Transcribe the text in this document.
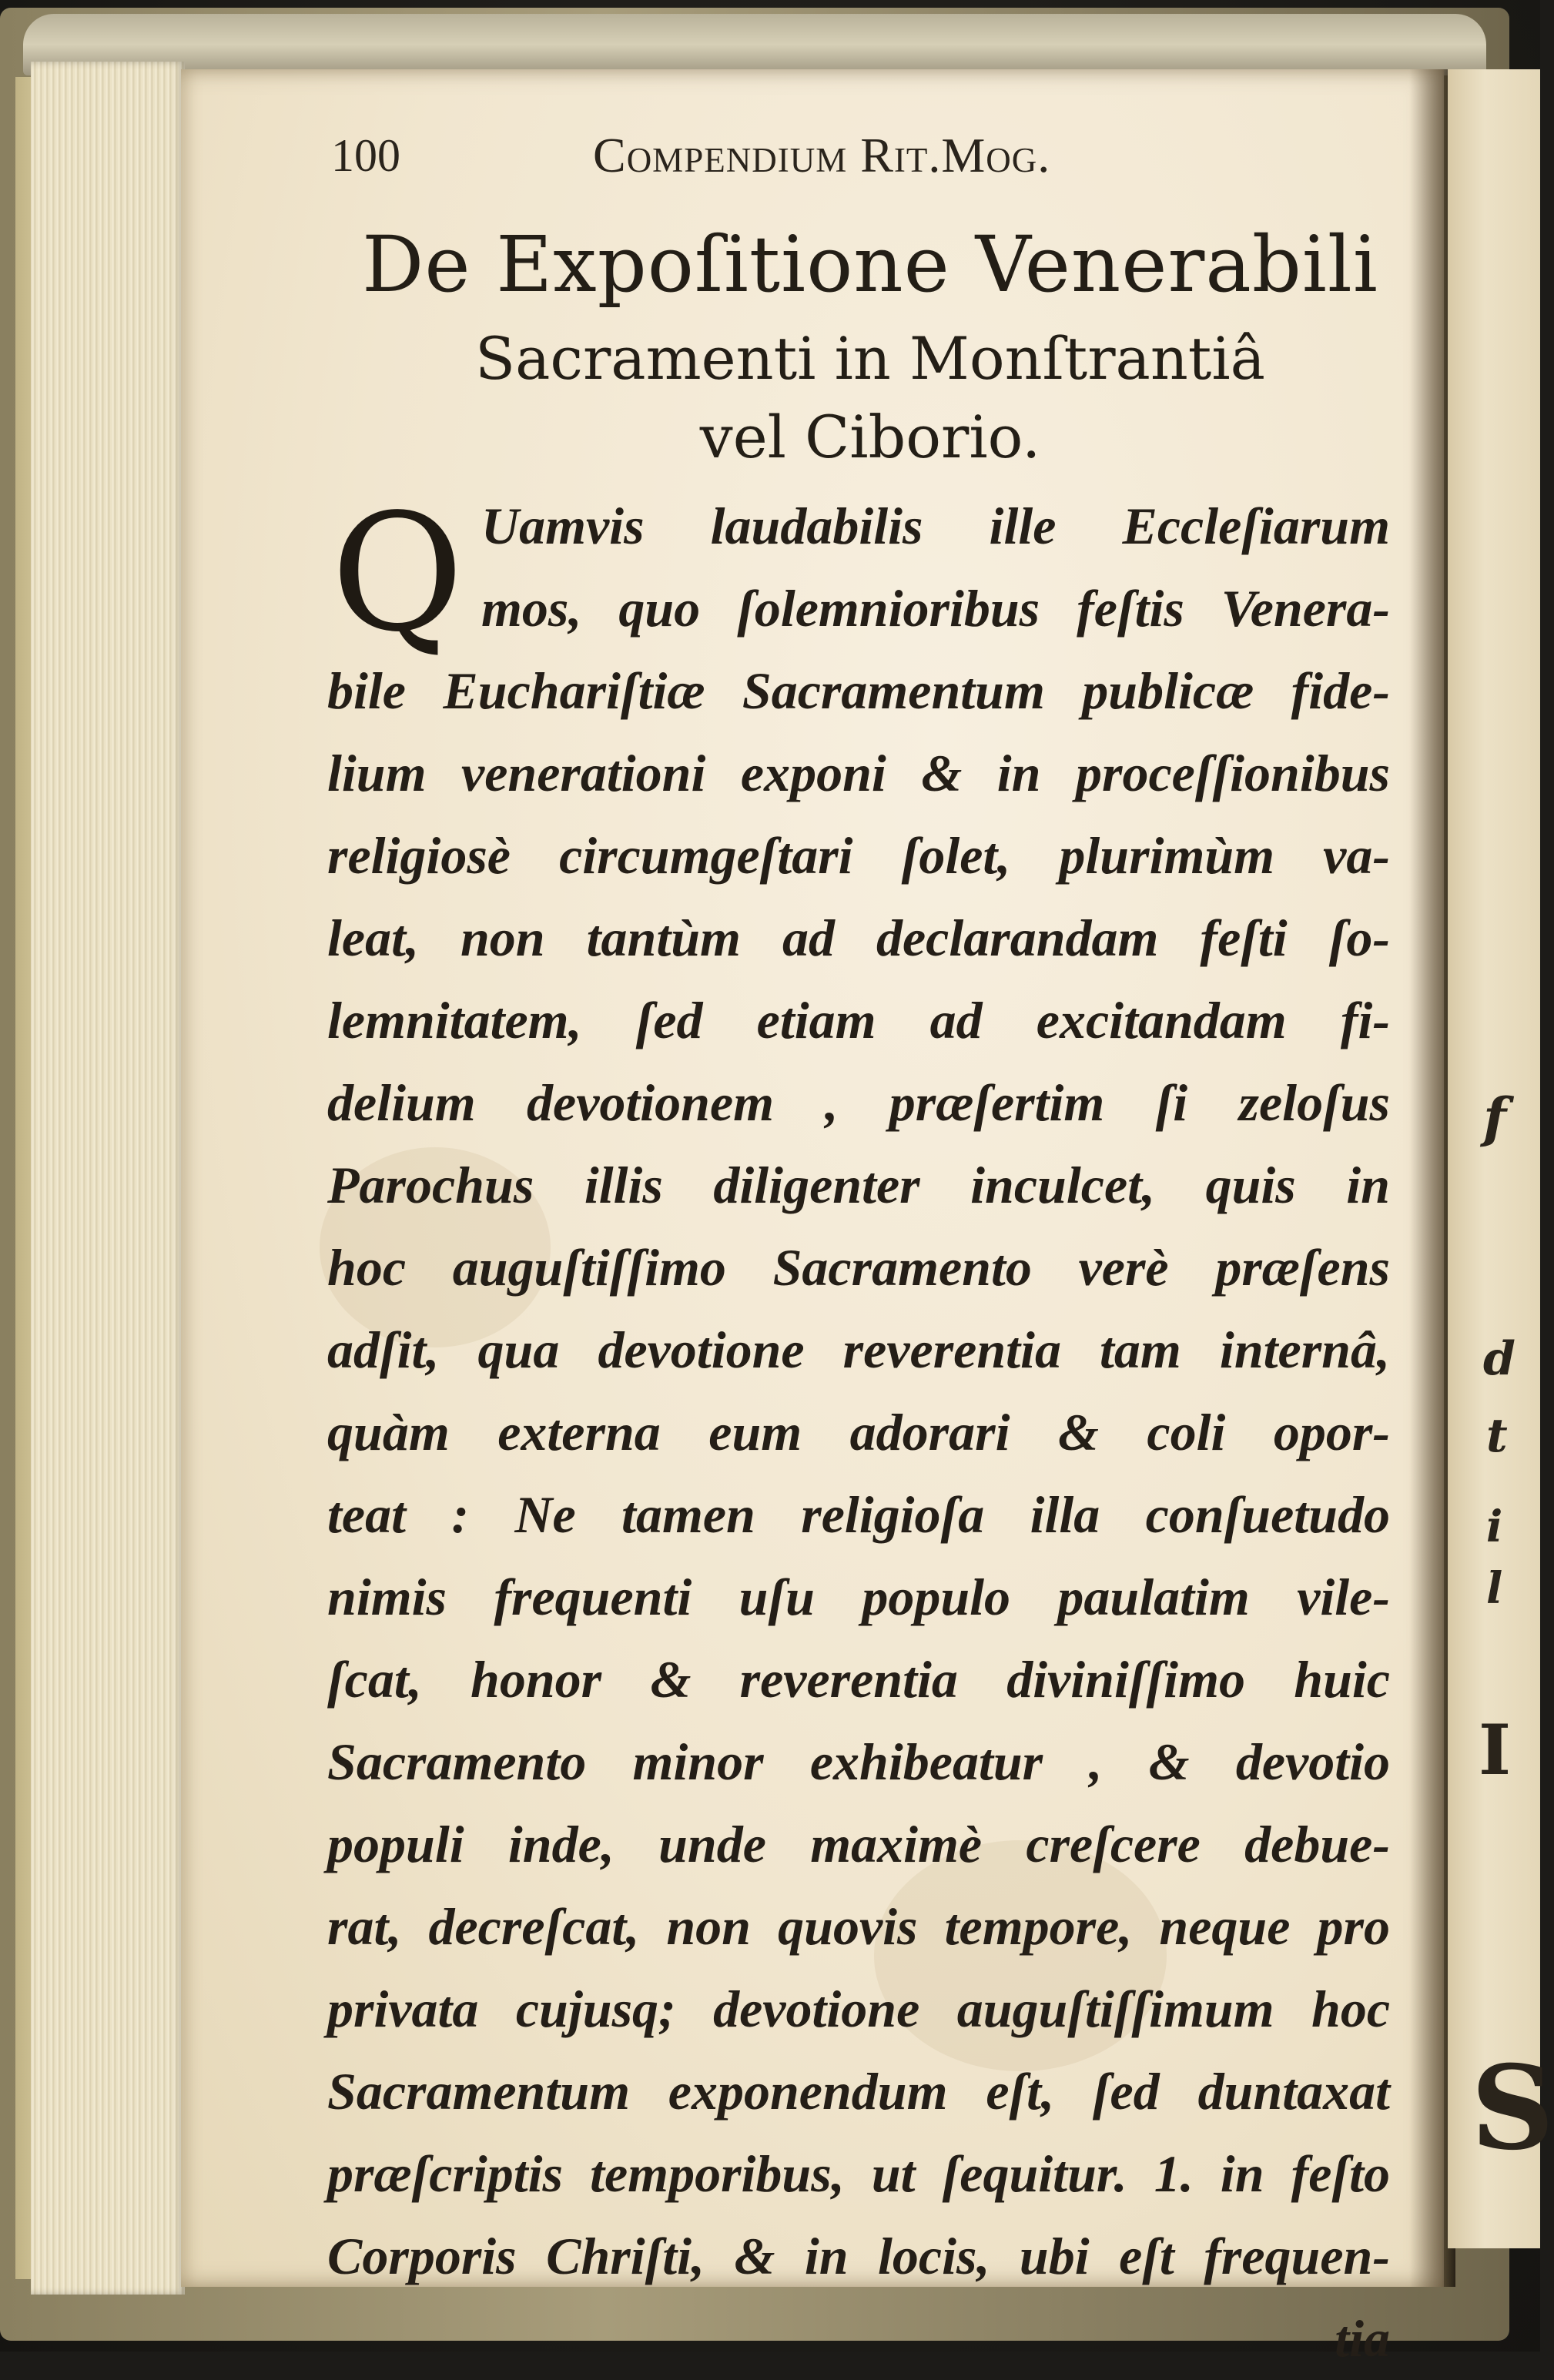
f
d
t
i
l
I
S
100	Compendium Rit.Mog.
De Expoſitione Venerabili
Sacramenti in Monſtrantiâ
vel Ciborio.
Q Uamvis laudabilis ille Eccleſiarum
mos, quo ſolemnioribus feſtis Venera-
bile Euchariſtiæ Sacramentum publicæ fide-
lium venerationi exponi & in proceſſionibus
religiosè circumgeſtari ſolet, plurimùm va-
leat, non tantùm ad declarandam feſti ſo-
lemnitatem, ſed etiam ad excitandam fi-
delium devotionem , præſertim ſi zeloſus
Parochus illis diligenter inculcet, quis in
hoc auguſtiſſimo Sacramento verè præſens
adſit, qua devotione reverentia tam internâ,
quàm externa eum adorari & coli opor-
teat : Ne tamen religioſa illa conſuetudo
nimis frequenti uſu populo paulatim vile-
ſcat, honor & reverentia diviniſſimo huic
Sacramento minor exhibeatur , & devotio
populi inde, unde maximè creſcere debue-
rat, decreſcat, non quovis tempore, neque pro
privata cujusq; devotione auguſtiſſimum hoc
Sacramentum exponendum eſt, ſed duntaxat
præſcriptis temporibus, ut ſequitur. 1. in feſto
Corporis Chriſti, & in locis, ubi eſt frequen-
tia
